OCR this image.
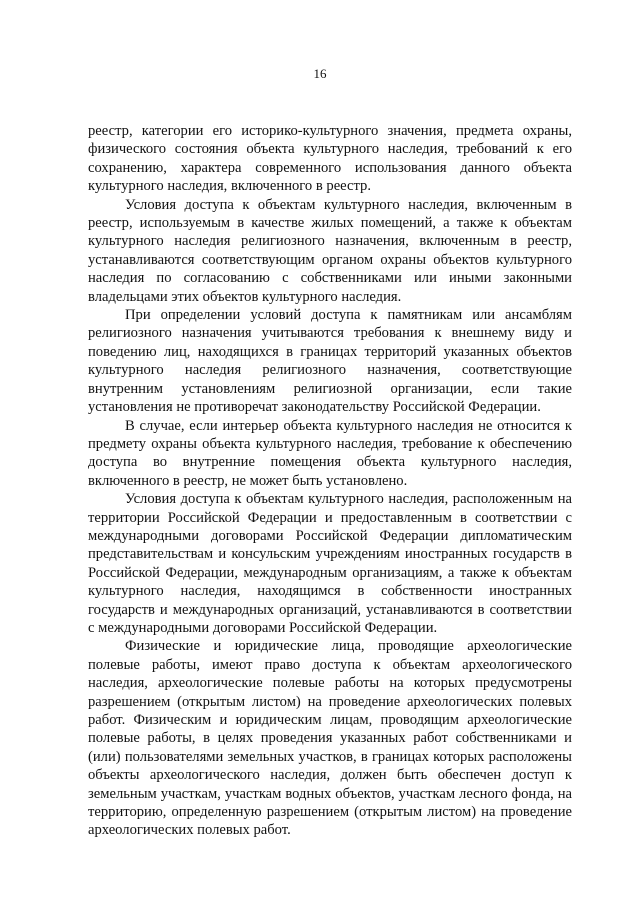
16

реестр, категории его историко-культурного значения, предмета охраны, физического состояния объекта культурного наследия, требований к его сохранению, характера современного использования данного объекта культурного наследия, включенного в реестр.

Условия доступа к объектам культурного наследия, включенным в реестр, используемым в качестве жилых помещений, а также к объектам культурного наследия религиозного назначения, включенным в реестр, устанавливаются соответствующим органом охраны объектов культурного наследия по согласованию с собственниками или иными законными владельцами этих объектов культурного наследия.

При определении условий доступа к памятникам или ансамблям религиозного назначения учитываются требования к внешнему виду и поведению лиц, находящихся в границах территорий указанных объектов культурного наследия религиозного назначения, соответствующие внутренним установлениям религиозной организации, если такие установления не противоречат законодательству Российской Федерации.

В случае, если интерьер объекта культурного наследия не относится к предмету охраны объекта культурного наследия, требование к обеспечению доступа во внутренние помещения объекта культурного наследия, включенного в реестр, не может быть установлено.

Условия доступа к объектам культурного наследия, расположенным на территории Российской Федерации и предоставленным в соответствии с международными договорами Российской Федерации дипломатическим представительствам и консульским учреждениям иностранных государств в Российской Федерации, международным организациям, а также к объектам культурного наследия, находящимся в собственности иностранных государств и международных организаций, устанавливаются в соответствии с международными договорами Российской Федерации.

Физические и юридические лица, проводящие археологические полевые работы, имеют право доступа к объектам археологического наследия, археологические полевые работы на которых предусмотрены разрешением (открытым листом) на проведение археологических полевых работ. Физическим и юридическим лицам, проводящим археологические полевые работы, в целях проведения указанных работ собственниками и (или) пользователями земельных участков, в границах которых расположены объекты археологического наследия, должен быть обеспечен доступ к земельным участкам, участкам водных объектов, участкам лесного фонда, на территорию, определенную разрешением (открытым листом) на проведение археологических полевых работ.
